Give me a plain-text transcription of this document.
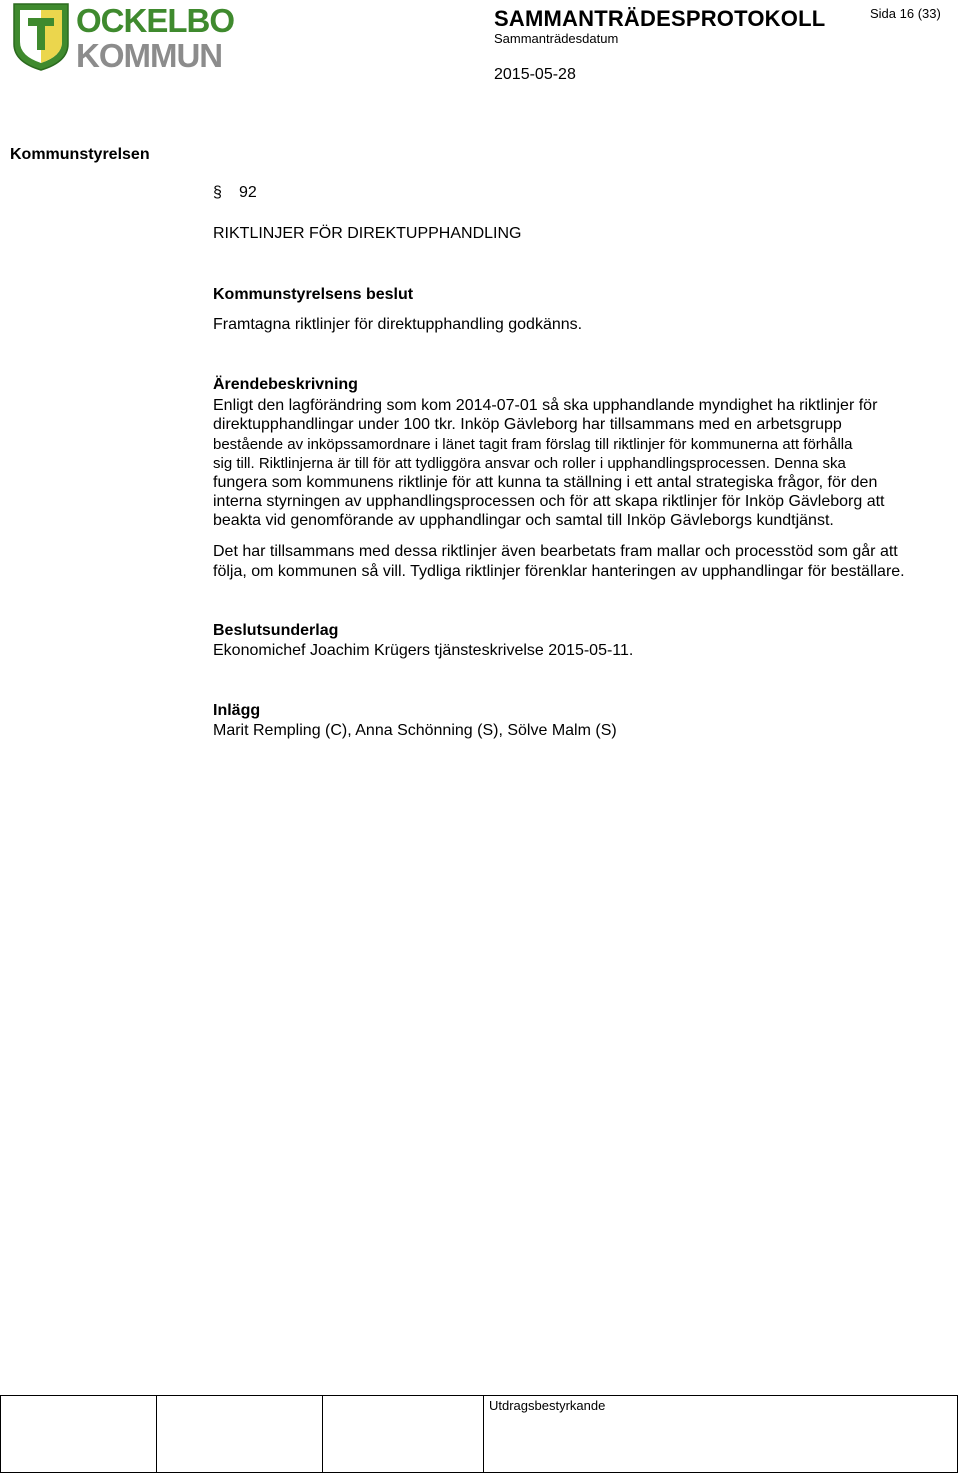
OCKELBO
KOMMUN
SAMMANTRÄDESPROTOKOLL	Sida 16 (33)
Sammanträdesdatum
2015-05-28
Kommunstyrelsen
§ 92
RIKTLINJER FÖR DIREKTUPPHANDLING
Kommunstyrelsens beslut
Framtagna riktlinjer för direktupphandling godkänns.
Ärendebeskrivning
Enligt den lagförändring som kom 2014-07-01 så ska upphandlande myndighet ha riktlinjer för
direktupphandlingar under 100 tkr. Inköp Gävleborg har tillsammans med en arbetsgrupp
bestående av inköpssamordnare i länet tagit fram förslag till riktlinjer för kommunerna att förhålla
sig till. Riktlinjerna är till för att tydliggöra ansvar och roller i upphandlingsprocessen. Denna ska
fungera som kommunens riktlinje för att kunna ta ställning i ett antal strategiska frågor, för den
interna styrningen av upphandlingsprocessen och för att skapa riktlinjer för Inköp Gävleborg att
beakta vid genomförande av upphandlingar och samtal till Inköp Gävleborgs kundtjänst.
Det har tillsammans med dessa riktlinjer även bearbetats fram mallar och processtöd som går att
följa, om kommunen så vill. Tydliga riktlinjer förenklar hanteringen av upphandlingar för beställare.
Beslutsunderlag
Ekonomichef Joachim Krügers tjänsteskrivelse 2015-05-11.
Inlägg
Marit Rempling (C), Anna Schönning (S), Sölve Malm (S)
Utdragsbestyrkande
